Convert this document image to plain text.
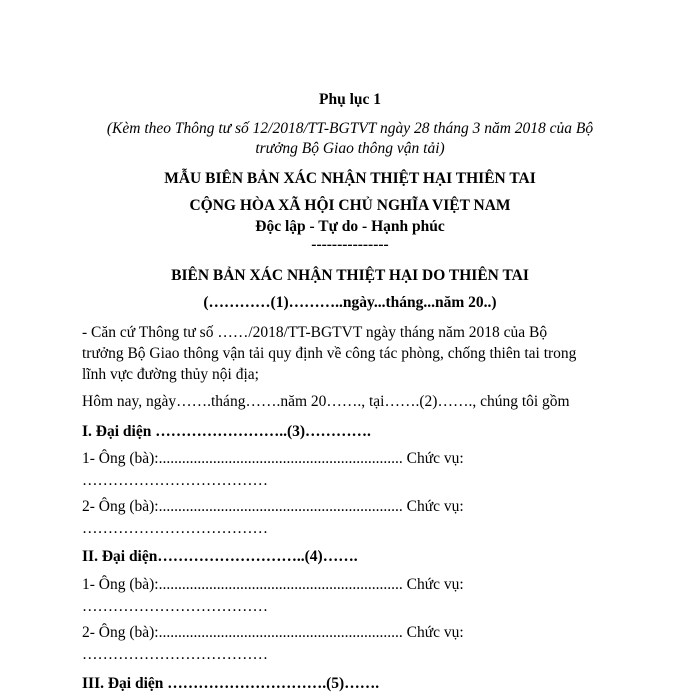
Phụ lục 1
(Kèm theo Thông tư số 12/2018/TT-BGTVT ngày 28 tháng 3 năm 2018 của Bộ
trưởng Bộ Giao thông vận tải)
MẪU BIÊN BẢN XÁC NHẬN THIỆT HẠI THIÊN TAI
CỘNG HÒA XÃ HỘI CHỦ NGHĨA VIỆT NAM
Độc lập - Tự do - Hạnh phúc
---------------
BIÊN BẢN XÁC NHẬN THIỆT HẠI DO THIÊN TAI
(…………(1)………..ngày...tháng...năm 20..)
- Căn cứ Thông tư số ……/2018/TT-BGTVT ngày tháng năm 2018 của Bộ
trưởng Bộ Giao thông vận tải quy định về công tác phòng, chống thiên tai trong
lĩnh vực đường thủy nội địa;
Hôm nay, ngày…….tháng…….năm 20……., tại…….(2)……., chúng tôi gồm
I. Đại diện ……………………..(3)………….
1- Ông (bà):............................................................... Chức vụ:
………………………………
2- Ông (bà):............................................................... Chức vụ:
………………………………
II. Đại diện………………………..(4)…….
1- Ông (bà):............................................................... Chức vụ:
………………………………
2- Ông (bà):............................................................... Chức vụ:
………………………………
III. Đại diện ………………………….(5)…….
